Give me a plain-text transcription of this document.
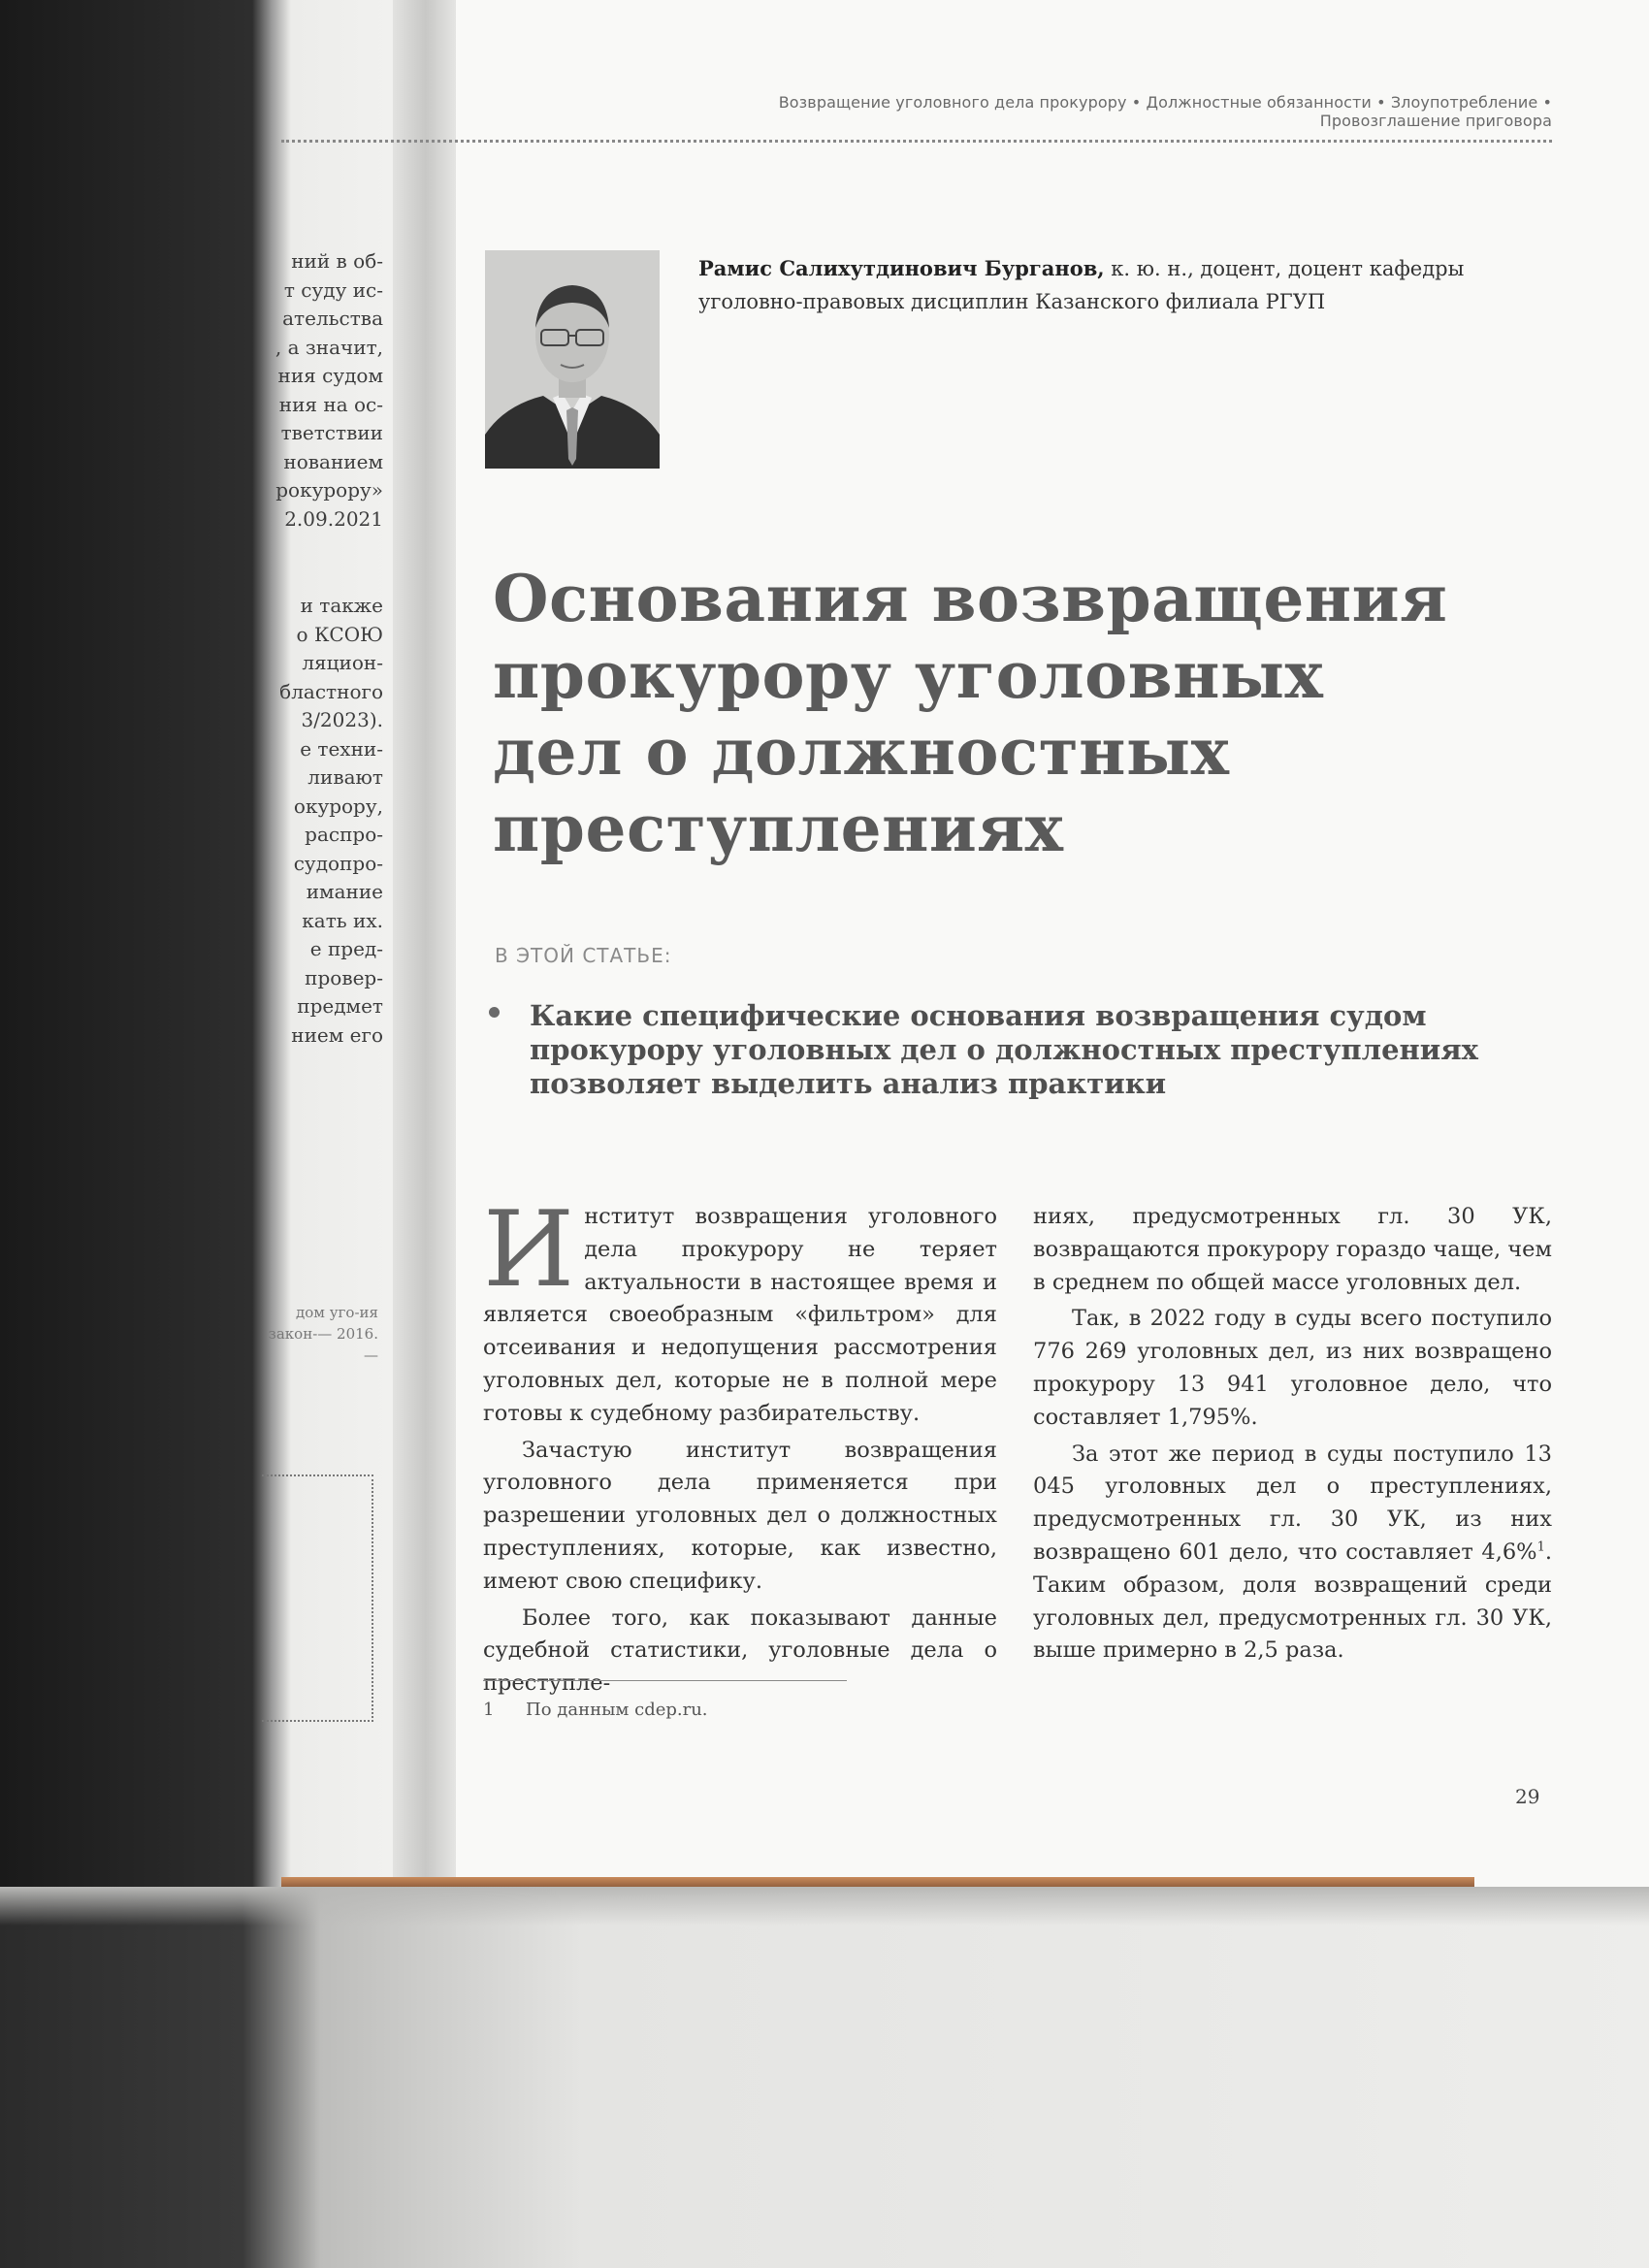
ний в об-
т суду ис-
ательства
, а значит,
ния судом
ния на ос-
тветствии
нованием
рокурору»
2.09.2021
и также
о КСОЮ
ляцион-
бластного
3/2023).
е техни-
ливают
окурору,
распро-
судопро-
имание
кать их.
е пред-
провер-
предмет
нием его
дом уго-ия закон-— 2016. —
Возвращение уголовного дела прокурору • Должностные обязанности • Злоупотребление • Провозглашение приговора
Рамис Салихутдинович Бурганов, к. ю. н., доцент, доцент кафедры уголовно-правовых дисциплин Казанского филиала РГУП
Основания возвращения
прокурору уголовных
дел о должностных
преступлениях
В ЭТОЙ СТАТЬЕ:
Какие специфические основания возвращения судом прокурору уголовных дел о должностных преступлениях позволяет выделить анализ практики

Институт возвращения уголовного дела прокурору не теряет актуальности в настоящее время и является своеобразным «фильтром» для отсеивания и недопущения рассмотрения уголовных дел, которые не в полной мере готовы к судебному разбирательству.

Зачастую институт возвращения уголовного дела применяется при разрешении уголовных дел о должностных преступлениях, которые, как известно, имеют свою специфику.

Более того, как показывают данные судебной статистики, уголовные дела о преступле-

ниях, предусмотренных гл. 30 УК, возвращаются прокурору гораздо чаще, чем в среднем по общей массе уголовных дел.

Так, в 2022 году в суды всего поступило 776 269 уголовных дел, из них возвращено прокурору 13 941 уголовное дело, что составляет 1,795%.

За этот же период в суды поступило 13 045 уголовных дел о преступлениях, предусмотренных гл. 30 УК, из них возвращено 601 дело, что составляет 4,6%$^1$. Таким образом, доля возвращений среди уголовных дел, предусмотренных гл. 30 УК, выше примерно в 2,5 раза.

1 По данным cdep.ru.
29
